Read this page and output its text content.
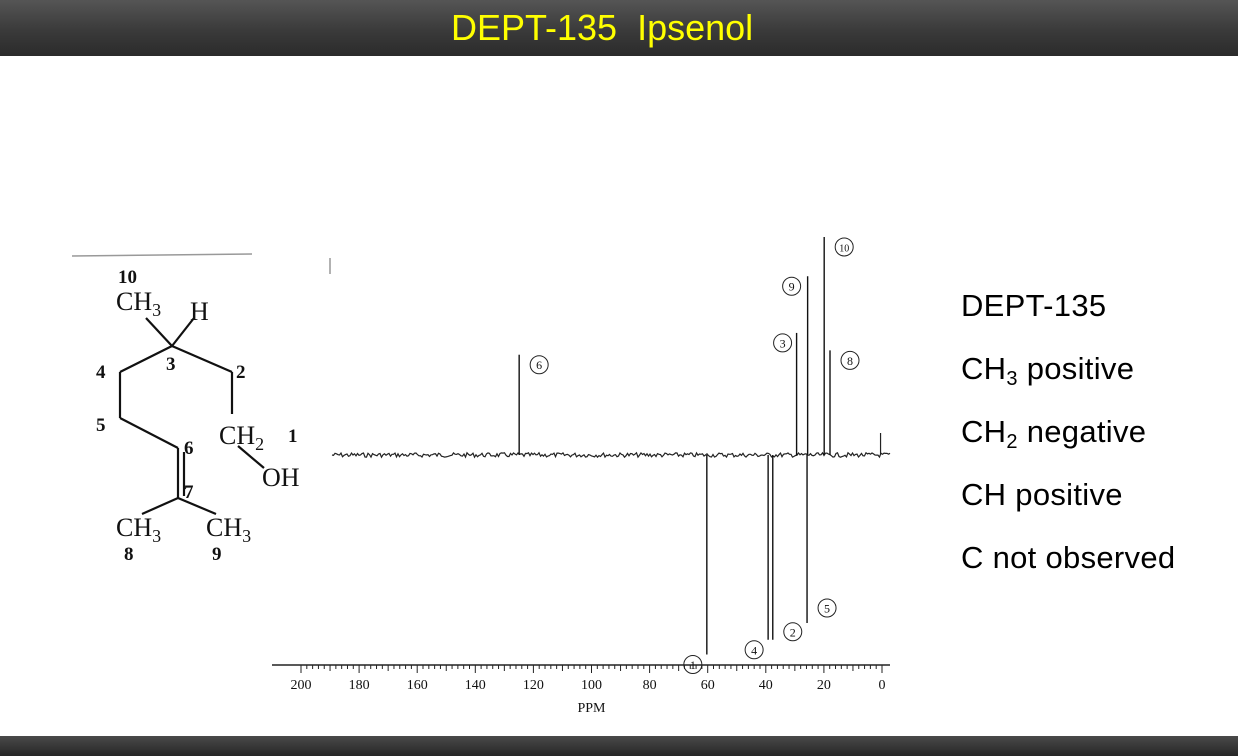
DEPT-135  Ipsenol
$CH_3$ H
$CH_2$
OH
$CH_3$ $CH_3$
10
3
4	2
5
6
1
7
8	9
200	180	160	140	120	100	80	60	40	20	0
1
4
2
5
6
3
9
10
8
PPM
DEPT-135
$CH_3$ positive
$CH_2$ negative
CH positive
C not observed
